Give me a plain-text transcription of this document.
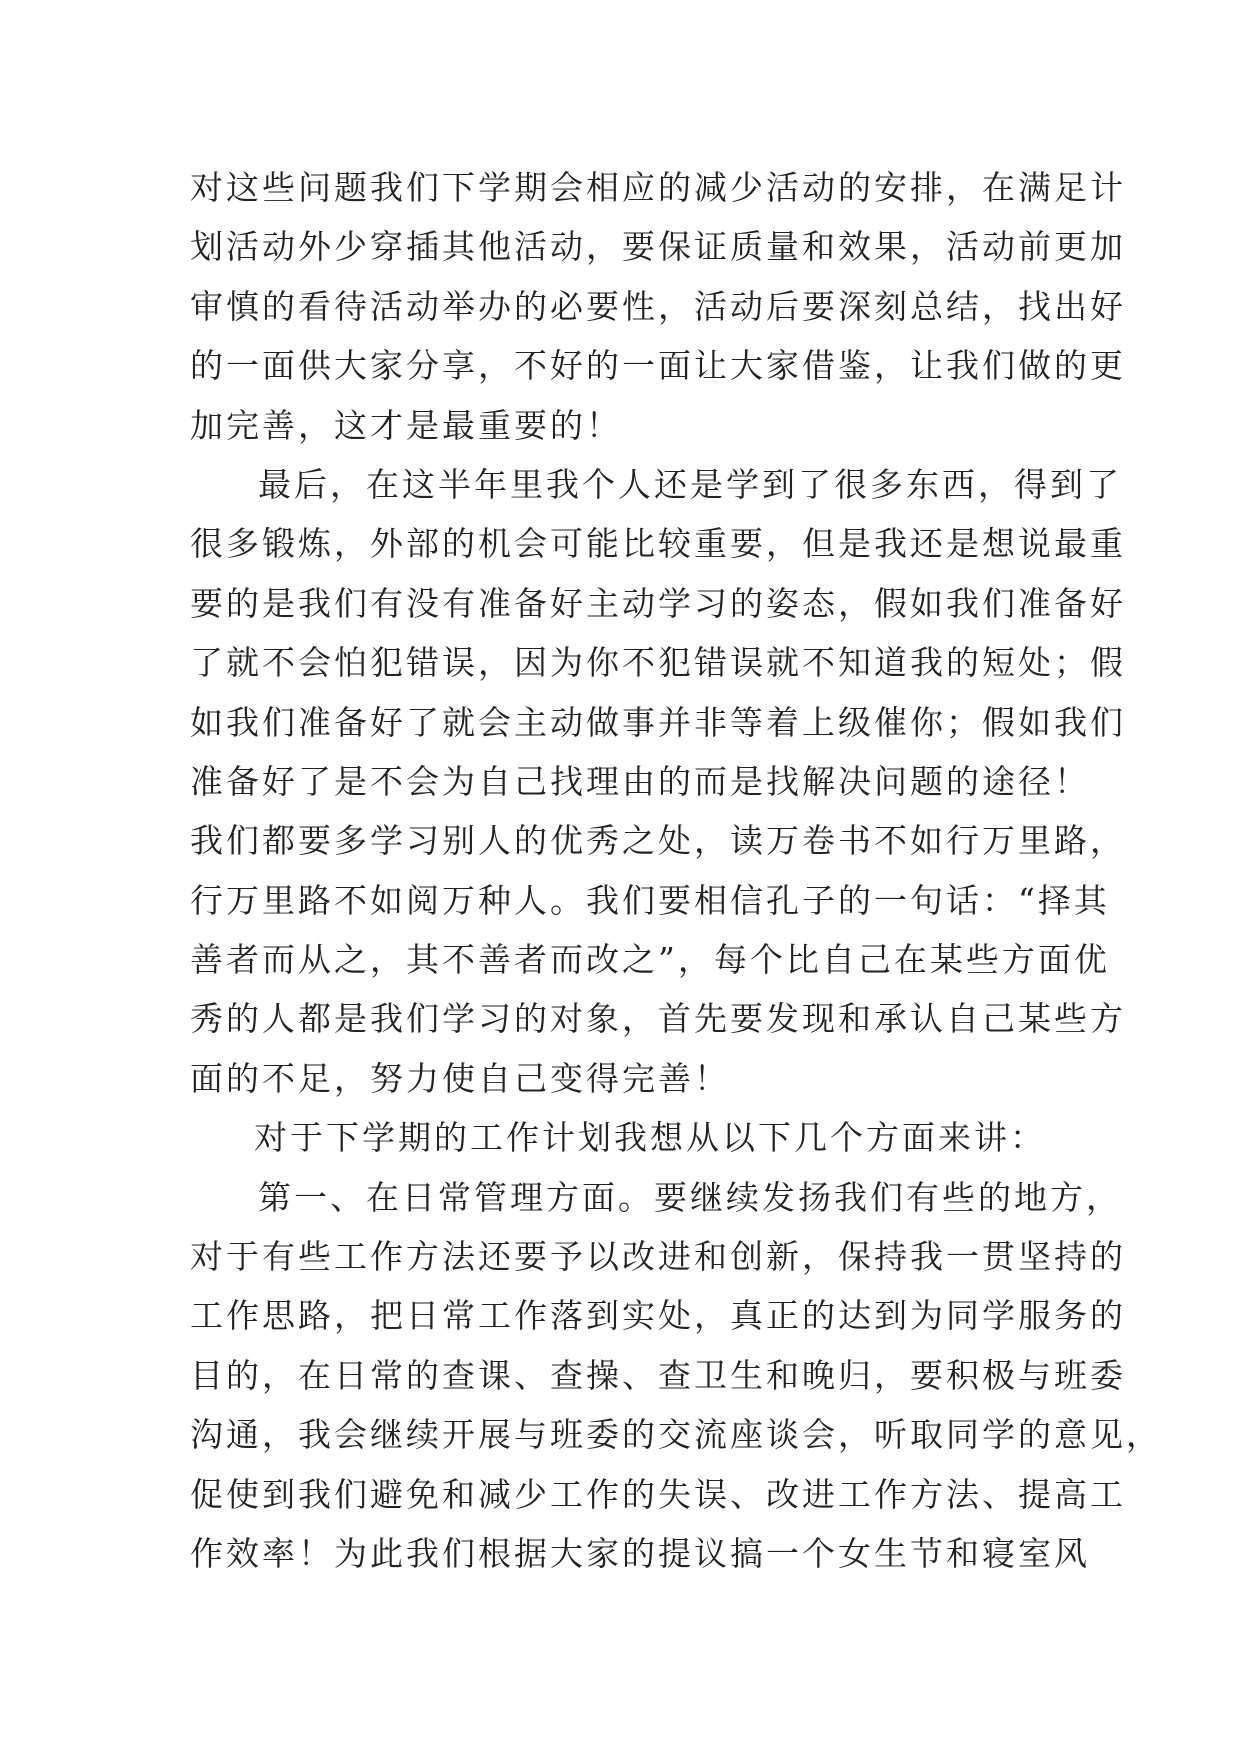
对这些问题我们下学期会相应的减少活动的安排，在满足计
划活动外少穿插其他活动，要保证质量和效果，活动前更加
审慎的看待活动举办的必要性，活动后要深刻总结，找出好
的一面供大家分享，不好的一面让大家借鉴，让我们做的更
加完善，这才是最重要的！
最后，在这半年里我个人还是学到了很多东西，得到了
很多锻炼，外部的机会可能比较重要，但是我还是想说最重
要的是我们有没有准备好主动学习的姿态，假如我们准备好
了就不会怕犯错误，因为你不犯错误就不知道我的短处；假
如我们准备好了就会主动做事并非等着上级催你；假如我们
准备好了是不会为自己找理由的而是找解决问题的途径！
我们都要多学习别人的优秀之处，读万卷书不如行万里路，
行万里路不如阅万种人。我们要相信孔子的一句话：“择其
善者而从之，其不善者而改之”，每个比自己在某些方面优
秀的人都是我们学习的对象，首先要发现和承认自己某些方
面的不足，努力使自己变得完善！
对于下学期的工作计划我想从以下几个方面来讲：
第一、在日常管理方面。要继续发扬我们有些的地方，
对于有些工作方法还要予以改进和创新，保持我一贯坚持的
工作思路，把日常工作落到实处，真正的达到为同学服务的
目的，在日常的查课、查操、查卫生和晚归，要积极与班委
沟通，我会继续开展与班委的交流座谈会，听取同学的意见，
促使到我们避免和减少工作的失误、改进工作方法、提高工
作效率！为此我们根据大家的提议搞一个女生节和寝室风
